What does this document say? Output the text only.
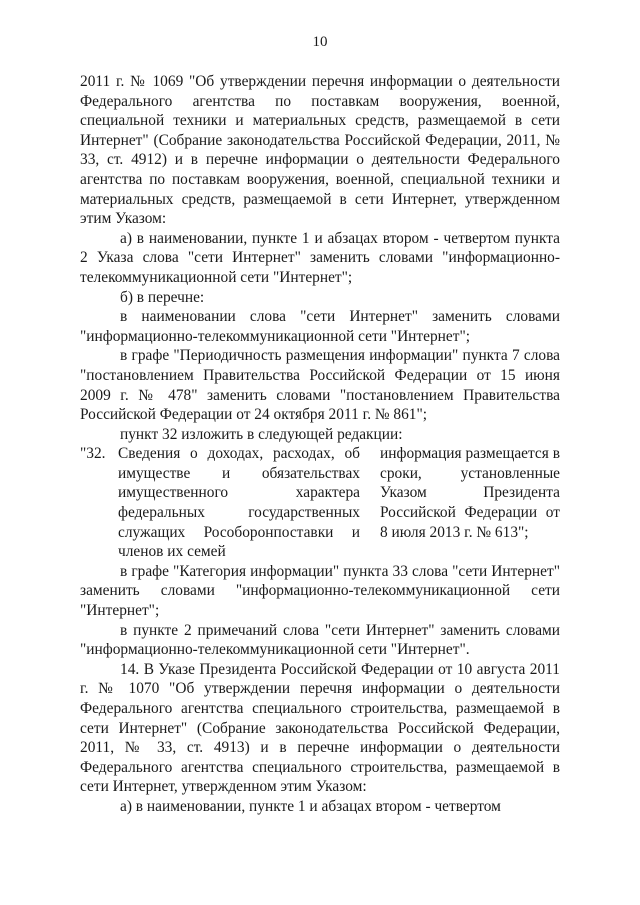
10

2011 г. № 1069 "Об утверждении перечня информации о деятельности Федерального агентства по поставкам вооружения, военной, специальной техники и материальных средств, размещаемой в сети Интернет" (Собрание законодательства Российской Федерации, 2011, № 33, ст. 4912) и в перечне информации о деятельности Федерального агентства по поставкам вооружения, военной, специальной техники и материальных средств, размещаемой в сети Интернет, утвержденном этим Указом:

а) в наименовании, пункте 1 и абзацах втором - четвертом пункта 2 Указа слова "сети Интернет" заменить словами "информационно-телекоммуникационной сети "Интернет";

б) в перечне:

в наименовании слова "сети Интернет" заменить словами "информационно-телекоммуникационной сети "Интернет";

в графе "Периодичность размещения информации" пункта 7 слова "постановлением Правительства Российской Федерации от 15 июня 2009 г. № 478" заменить словами "постановлением Правительства Российской Федерации от 24 октября 2011 г. № 861";

пункт 32 изложить в следующей редакции:

"32. Сведения о доходах, расходах, об имуществе и обязательствах имущественного характера федеральных государственных служащих Рособоронпоставки и членов их семей
информация размещается в сроки, установленные Указом Президента Российской Федерации от 8 июля 2013 г. № 613";

в графе "Категория информации" пункта 33 слова "сети Интернет" заменить словами "информационно-телекоммуникационной сети "Интернет";

в пункте 2 примечаний слова "сети Интернет" заменить словами "информационно-телекоммуникационной сети "Интернет".

14. В Указе Президента Российской Федерации от 10 августа 2011 г. № 1070 "Об утверждении перечня информации о деятельности Федерального агентства специального строительства, размещаемой в сети Интернет" (Собрание законодательства Российской Федерации, 2011, № 33, ст. 4913) и в перечне информации о деятельности Федерального агентства специального строительства, размещаемой в сети Интернет, утвержденном этим Указом:

а) в наименовании, пункте 1 и абзацах втором - четвертом
